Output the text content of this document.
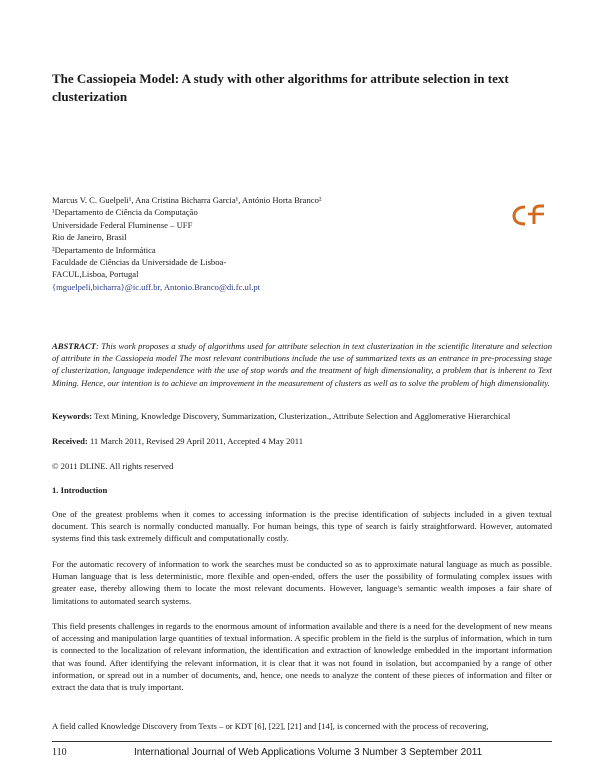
The Cassiopeia Model: A study with other algorithms for attribute selection in text clusterization
Marcus V. C. Guelpeli¹, Ana Cristina Bicharra Garcia¹, António Horta Branco²
¹Departamento de Ciência da Computação
Universidade Federal Fluminense – UFF
Rio de Janeiro, Brasil
²Departamento de Informática
Faculdade de Ciências da Universidade de Lisboa-
FACUL,Lisboa, Portugal
{mguelpeli,bicharra}@ic.uff.br, Antonio.Branco@di.fc.ul.pt
ABSTRACT: This work proposes a study of algorithms used for attribute selection in text clusterization in the scientific literature and selection of attribute in the Cassiopeia model The most relevant contributions include the use of summarized texts as an entrance in pre-processing stage of clusterization, language independence with the use of stop words and the treatment of high dimensionality, a problem that is inherent to Text Mining. Hence, our intention is to achieve an improvement in the measurement of clusters as well as to solve the problem of high dimensionality.
Keywords: Text Mining, Knowledge Discovery, Summarization, Clusterization., Attribute Selection and Agglomerative Hierarchical
Received: 11 March 2011, Revised 29 April 2011, Accepted 4 May 2011
© 2011 DLINE. All rights reserved
1. Introduction
One of the greatest problems when it comes to accessing information is the precise identification of subjects included in a given textual document. This search is normally conducted manually. For human beings, this type of search is fairly straightforward. However, automated systems find this task extremely difficult and computationally costly.
For the automatic recovery of information to work the searches must be conducted so as to approximate natural language as much as possible. Human language that is less deterministic, more flexible and open-ended, offers the user the possibility of formulating complex issues with greater ease, thereby allowing them to locate the most relevant documents. However, language's semantic wealth imposes a fair share of limitations to automated search systems.
This field presents challenges in regards to the enormous amount of information available and there is a need for the development of new means of accessing and manipulation large quantities of textual information. A specific problem in the field is the surplus of information, which in turn is connected to the localization of relevant information, the identification and extraction of knowledge embedded in the important information that was found. After identifying the relevant information, it is clear that it was not found in isolation, but accompanied by a range of other information, or spread out in a number of documents, and, hence, one needs to analyze the content of these pieces of information and filter or extract the data that is truly important.
A field called Knowledge Discovery from Texts – or KDT [6], [22], [21] and [14], is concerned with the process of recovering,
110	International Journal of Web Applications Volume 3 Number 3 September 2011
